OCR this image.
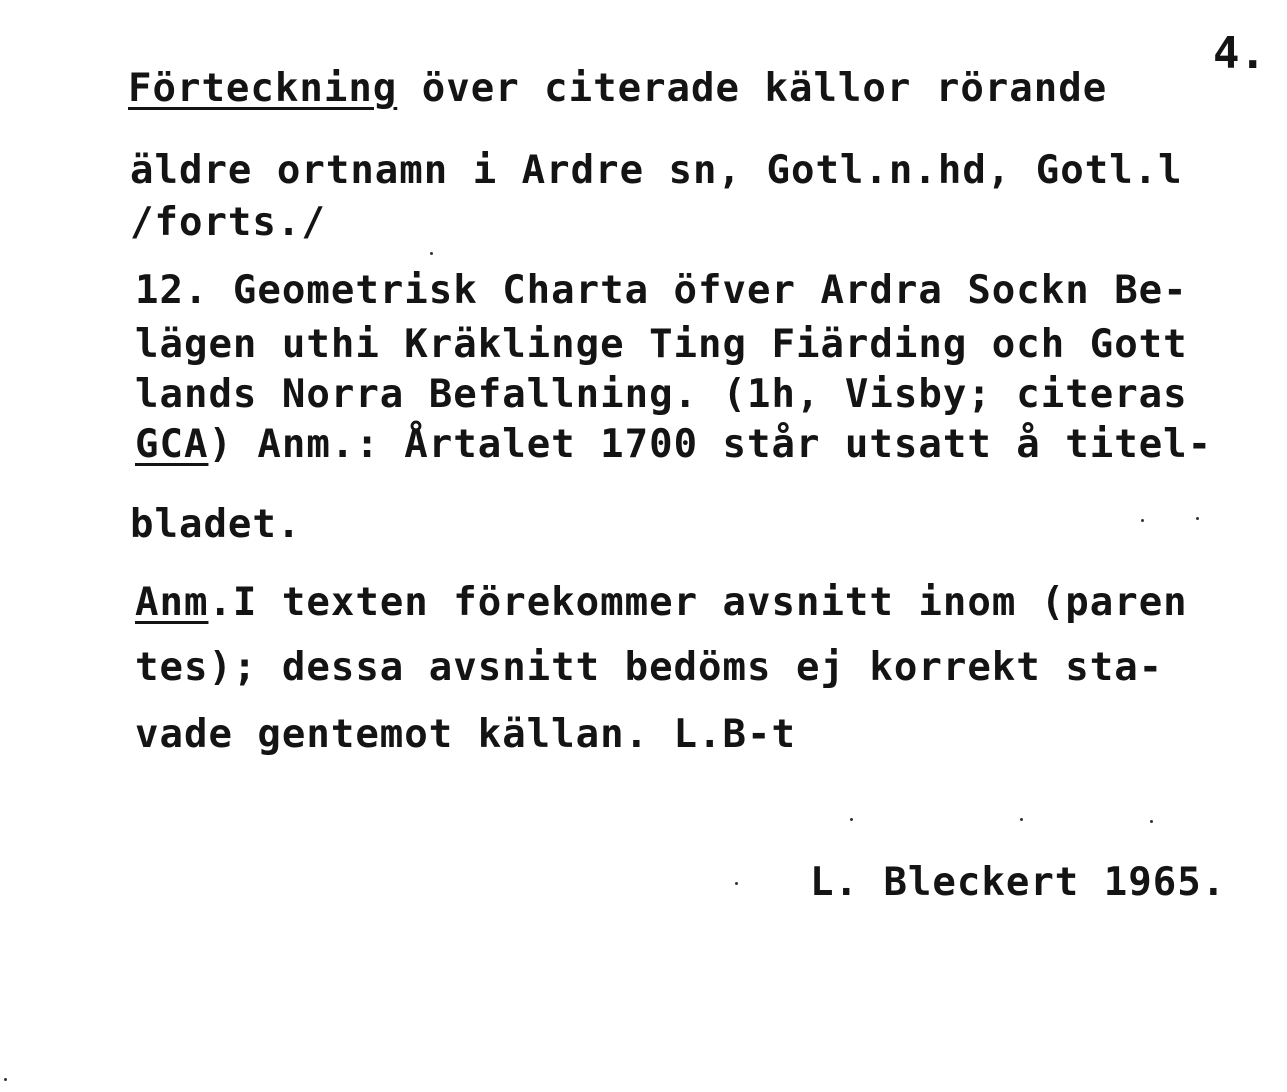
4.
Förteckning över citerade källor rörande
äldre ortnamn i Ardre sn, Gotl.n.hd, Gotl.l
/forts./
12. Geometrisk Charta öfver Ardra Sockn Be-
lägen uthi Kräklinge Ting Fiärding och Gott
lands Norra Befallning. (1h, Visby; citeras
GCA) Anm.: Årtalet 1700 står utsatt å titel-
bladet.
Anm.I texten förekommer avsnitt inom (paren
tes); dessa avsnitt bedöms ej korrekt sta-
vade gentemot källan. L.B-t
L. Bleckert 1965.
